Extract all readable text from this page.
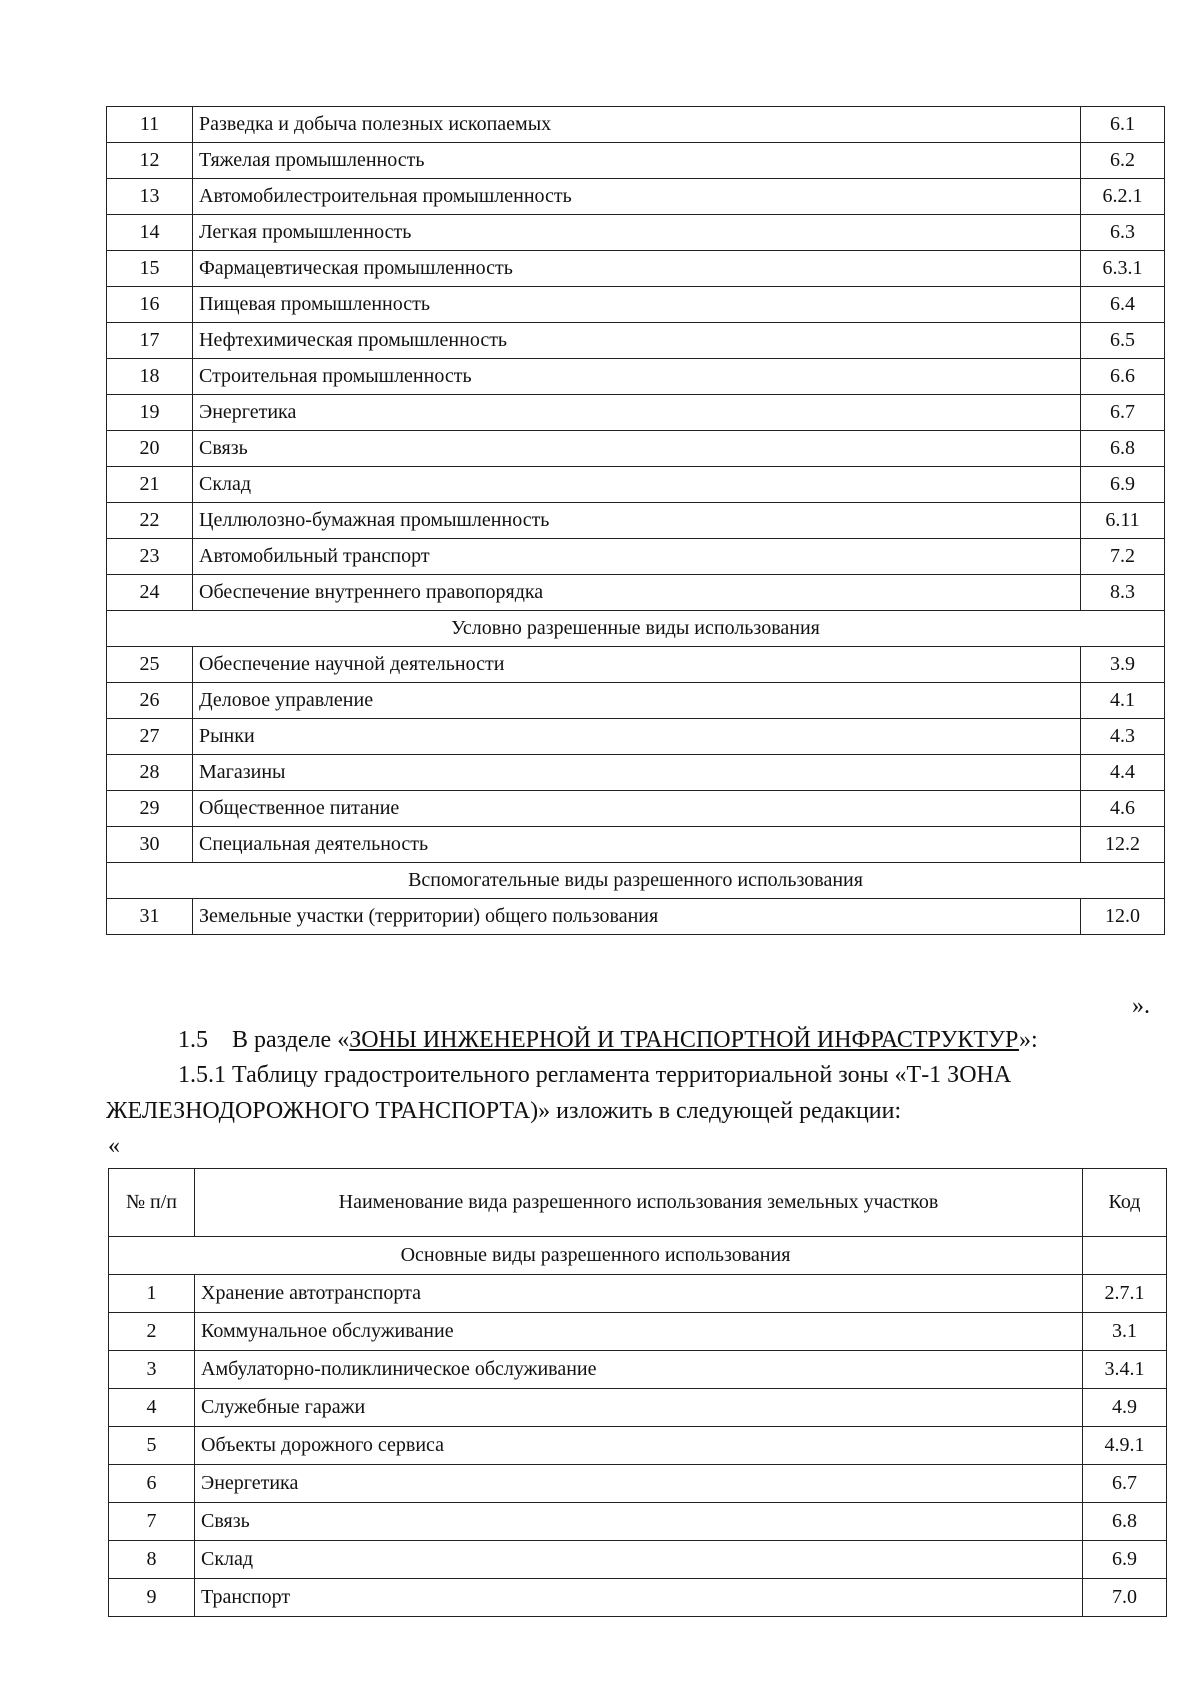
11	Разведка и добыча полезных ископаемых	6.1
12	Тяжелая промышленность	6.2
13	Автомобилестроительная промышленность	6.2.1
14	Легкая промышленность	6.3
15	Фармацевтическая промышленность	6.3.1
16	Пищевая промышленность	6.4
17	Нефтехимическая промышленность	6.5
18	Строительная промышленность	6.6
19	Энергетика	6.7
20	Связь	6.8
21	Склад	6.9
22	Целлюлозно-бумажная промышленность	6.11
23	Автомобильный транспорт	7.2
24	Обеспечение внутреннего правопорядка	8.3
Условно разрешенные виды использования		
25	Обеспечение научной деятельности	3.9
26	Деловое управление	4.1
27	Рынки	4.3
28	Магазины	4.4
29	Общественное питание	4.6
30	Специальная деятельность	12.2
Вспомогательные виды разрешенного использования		
31	Земельные участки (территории) общего пользования	12.0
».
1.5 В разделе «ЗОНЫ ИНЖЕНЕРНОЙ И ТРАНСПОРТНОЙ ИНФРАСТРУКТУР»:
1.5.1 Таблицу градостроительного регламента территориальной зоны «Т-1 ЗОНА
ЖЕЛЕЗНОДОРОЖНОГО ТРАНСПОРТА)» изложить в следующей редакции:
«
№ п/п	Наименование вида разрешенного использования земельных участков	Код
Основные виды разрешенного использования		
1	Хранение автотранспорта	2.7.1
2	Коммунальное обслуживание	3.1
3	Амбулаторно-поликлиническое обслуживание	3.4.1
4	Служебные гаражи	4.9
5	Объекты дорожного сервиса	4.9.1
6	Энергетика	6.7
7	Связь	6.8
8	Склад	6.9
9	Транспорт	7.0
